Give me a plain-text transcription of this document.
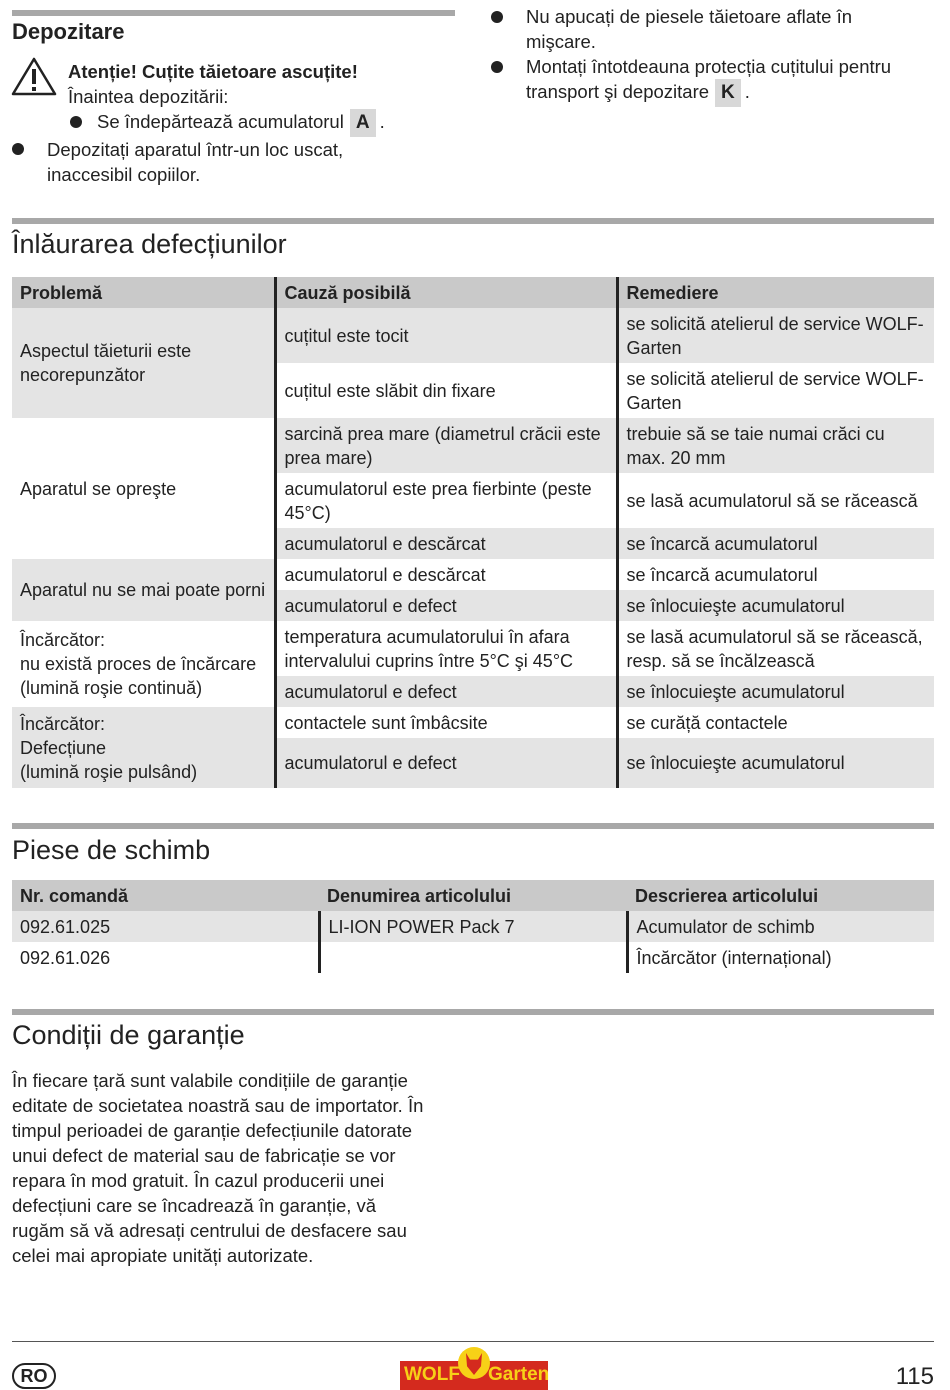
Depozitare
Atenție! Cuțite tăietoare ascuțite!
Înaintea depozitării:
Se îndepărtează acumulatorul A .
Depozitați aparatul într-un loc uscat,
inaccesibil copiilor.
Nu apucați de piesele tăietoare aflate în
mişcare.
Montați întotdeauna protecția cuțitului pentru
transport şi depozitare K .
Înlăurarea defecțiunilor
Problemă	Cauză posibilă	Remediere
Aspectul tăieturii este necorepunzător	cuțitul este tocit	se solicită atelierul de service WOLF-Garten
	cuțitul este slăbit din fixare	se solicită atelierul de service WOLF-Garten
Aparatul se opreşte	sarcină prea mare (diametrul crăcii este prea mare)	trebuie să se taie numai crăci cu max. 20 mm
	acumulatorul este prea fierbinte (peste 45°C)	se lasă acumulatorul să se răcească
	acumulatorul e descărcat	se încarcă acumulatorul
Aparatul nu se mai poate porni	acumulatorul e descărcat	se încarcă acumulatorul
	acumulatorul e defect	se înlocuieşte acumulatorul
Încărcător:
nu există proces de încărcare (lumină roşie continuă)	temperatura acumulatorului în afara intervalului cuprins între 5°C şi 45°C	se lasă acumulatorul să se răcească, resp. să se încălzească
	acumulatorul e defect	se înlocuieşte acumulatorul
Încărcător:
Defecțiune
(lumină roşie pulsând)	contactele sunt îmbâcsite	se curăță contactele
	acumulatorul e defect	se înlocuieşte acumulatorul
Piese de schimb
Nr. comandă	Denumirea articolului	Descrierea articolului
092.61.025	LI-ION POWER Pack 7	Acumulator de schimb
092.61.026		Încărcător (internațional)
Condiții de garanție
În fiecare țară sunt valabile condițiile de garanție
editate de societatea noastră sau de importator. În
timpul perioadei de garanție defecțiunile datorate
unui defect de material sau de fabricație se vor
repara în mod gratuit. În cazul producerii unei
defecțiuni care se încadrează în garanție, vă
rugăm să vă adresați centrului de desfacere sau
celei mai apropiate unități autorizate.
RO	WOLF Garten	115
